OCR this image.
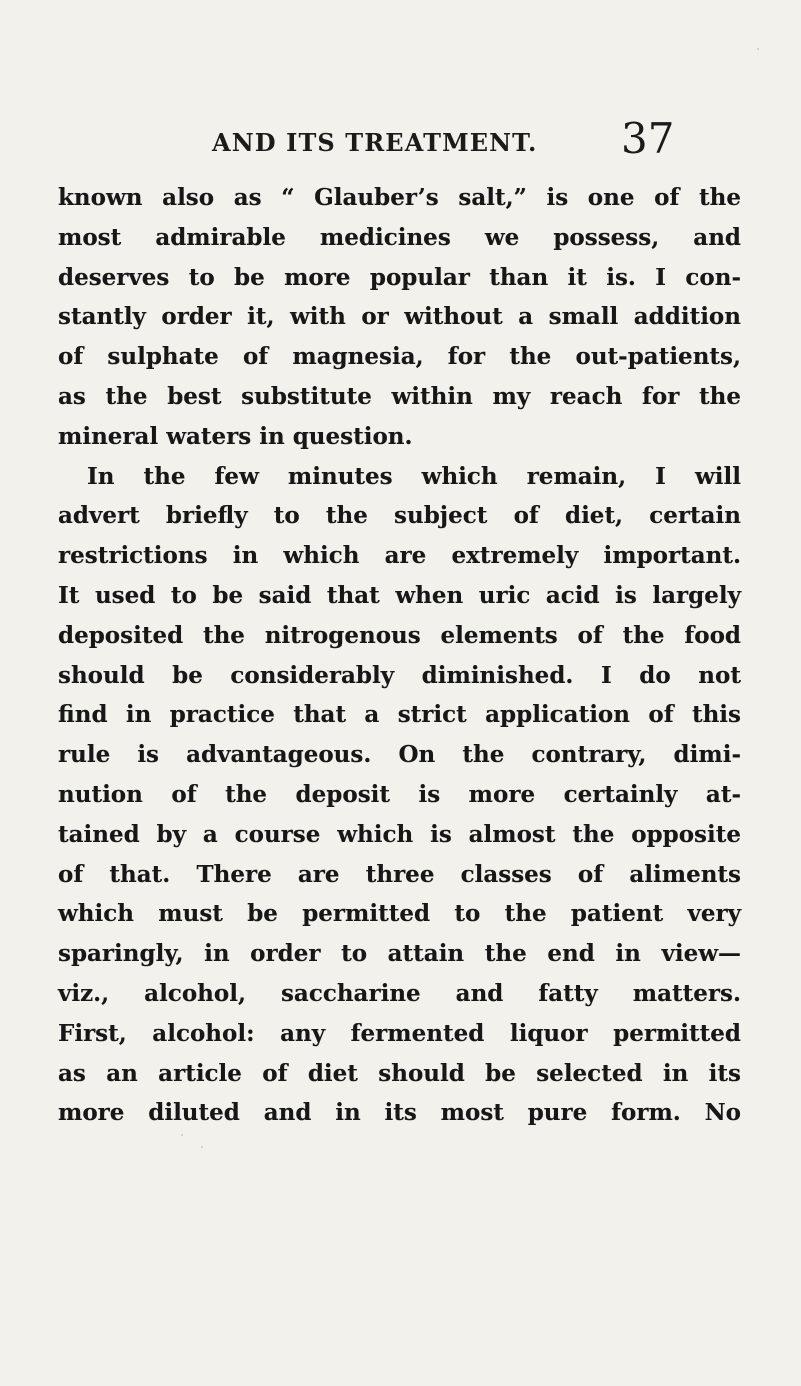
AND ITS TREATMENT. 37
known also as “ Glauber’s salt,” is one of the
most admirable medicines we possess, and
deserves to be more popular than it is. I con-
stantly order it, with or without a small addition
of sulphate of magnesia, for the out-patients,
as the best substitute within my reach for the
mineral waters in question.
In the few minutes which remain, I will
advert briefly to the subject of diet, certain
restrictions in which are extremely important.
It used to be said that when uric acid is largely
deposited the nitrogenous elements of the food
should be considerably diminished. I do not
find in practice that a strict application of this
rule is advantageous. On the contrary, dimi-
nution of the deposit is more certainly at-
tained by a course which is almost the opposite
of that. There are three classes of aliments
which must be permitted to the patient very
sparingly, in order to attain the end in view—
viz., alcohol, saccharine and fatty matters.
First, alcohol: any fermented liquor permitted
as an article of diet should be selected in its
more diluted and in its most pure form. No
